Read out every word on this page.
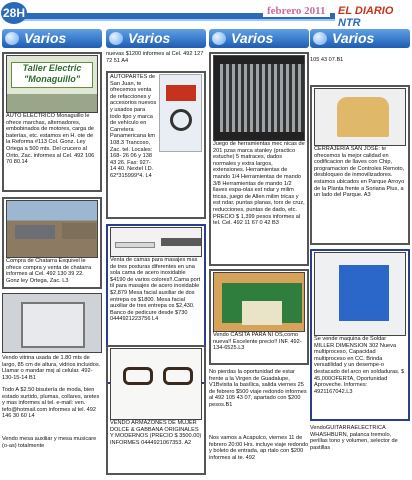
28H	febrero 2011	EL DIARIO NTR
Varios
Taller Electric
"Monaguillo"

AUTO ELECTRICO Monaguillo le ofrece marchas, alternadores, embobinados de motores, carga de baterías, etc. estamos en H. ote de la Reforma #113 Col. Gonz. Ley Ortega a 500 mts. Del crucero al Orito, Zac. informes al Cel. 492 106 70 80.14

Compra de Chatarra Esquivel le ofrece compra y venta de chatarra informes al Cel. 492 130 39 22. Gonz ley Ortega, Zac. L3

Vendo vitrina usada de 1.80 mts de largo, 85 cm de altura, vidrios incluidos. Llamar o mandar msj al celular. 492-130-15-14 B1

Todo A $2.50 bisutería de moda, bien estado surtido, plumas, collares, aretes y mas informes al tel. e-mail: ven. tefo@hotmail.com informes al tel. 492 146 30 60 L4

Vendo mesa auxiliar y mesa musicare (o-as) totalmente

Varios

nuevas $1200 informes al Cel. 492 127 72 51 A4

AUTOPARTES de San Juan, te ofrecemos venta de refacciones y accesorios nuevos y usados para todo tipo y marca de vehículo en Carretera Panamericana km 108.3 Trancoso, Zac. tel. Locales: 168- 26 06 y 138 43 26. Fax: 927- 14 40. Nextel I.D. 62*315999*4. L4

Venta de camas para masajes mas de tres posturas diferentes en una sola cama de acero inoxidable $4190 de varios colores!!.Cama port til para masajes de acero inoxidable $2,879 Mesa facial auxiliar de dos entrepa os $1800. Mesa facial auxiliar de tres entrepa os $2,430. Banco de pedicure desde $730 0444921223756 L4

VENDO ARMAZONES DE MUJER DOLCE & GABBANA ORIGINALES Y MODERNOS (PRECIO $ 3500.00) INFORMES 0444921067353. A2

Varios

Juego de herramientas mec nicas de 201 pzas marca stanley (practico estuche) 5 matraces, dados normales y extra largos, extensiones. Herramientas de mando 1/4 Herramientas de mando 3/8 Herramientas de mando 1/2 llaves espa-olas est ndar y milim tricas, juego de Allen milim tricas y est ndar, puntas planas, torx de cruz, reducciones, puntas de dado, etc. PRECIO $ 1,399 pesos informes al tel. Cel. 492 11 67 0 42 B3

Vendo CASITA PARA NI OS,como nueva!! Excelente precio!! INF. 492-134-6525.L3

No pierdas la oportunidad de estar frente a la Virgen de Guadalupe, V1Bvisita la basílica, salida viernes 25 de febrero $500 viaje redondo informes al 492 105 43 07, apartado con $200 pesos.B1

Nos vamos a Acapulco, viernes 11 de febrero 20:00 Hrs. incluye viaje redondo y boleto de entrada, ap rtalo con $200 informes al te. 492

Varios

105 43 07.B1

CERRAJERIA SAN JOSE: te ofrecemos la mejor calidad en codificacion de llaves con Chip, programacion de Controles Remoto, desbloqueo de inmovilizadores. estamos ubicados en Parque Arroyo de la Planta frente a Soriana Plus, a un lado del Parque. A3

Se vende maquina de Soldar MILLER DIMENSION 302 Nueva multiproceso, Capacidad multiproceso en CC. Brinda versatilidad y un desempe-o destacado del arco en soldaduras. $ 45,000OFERTA, Oportunidad Aproveche. Informes: 4921167042.L3

VendoGUITARRAELECTRICA WHASHBURN, palanca tremolo, perillas tono y volumen, selector de pastillas
